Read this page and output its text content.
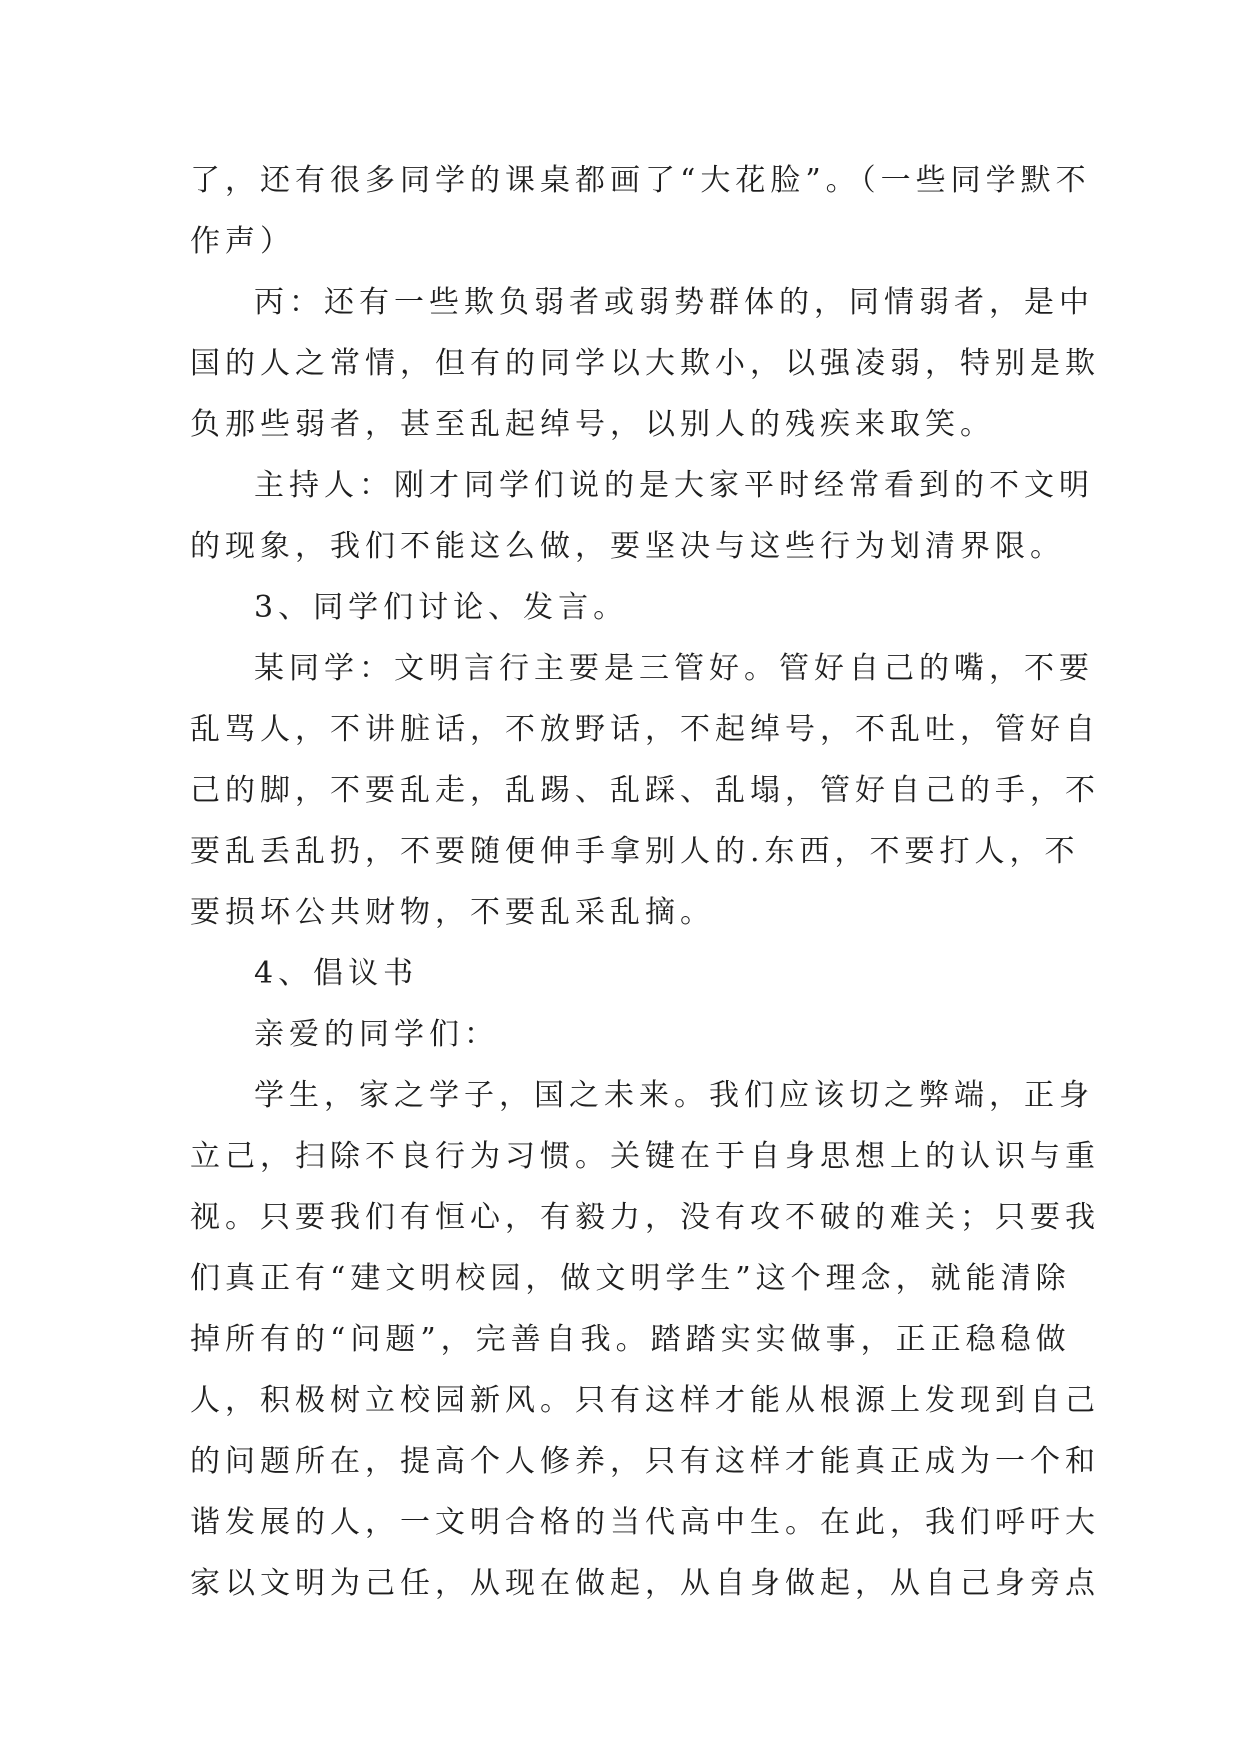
了，还有很多同学的课桌都画了“大花脸”。（一些同学默不
作声）
丙：还有一些欺负弱者或弱势群体的，同情弱者，是中
国的人之常情，但有的同学以大欺小，以强凌弱，特别是欺
负那些弱者，甚至乱起绰号，以别人的残疾来取笑。
主持人：刚才同学们说的是大家平时经常看到的不文明
的现象，我们不能这么做，要坚决与这些行为划清界限。
3、同学们讨论、发言。
某同学：文明言行主要是三管好。管好自己的嘴，不要
乱骂人，不讲脏话，不放野话，不起绰号，不乱吐，管好自
己的脚，不要乱走，乱踢、乱踩、乱塌，管好自己的手，不
要乱丢乱扔，不要随便伸手拿别人的.东西，不要打人，不
要损坏公共财物，不要乱采乱摘。
4、倡议书
亲爱的同学们：
学生，家之学子，国之未来。我们应该切之弊端，正身
立己，扫除不良行为习惯。关键在于自身思想上的认识与重
视。只要我们有恒心，有毅力，没有攻不破的难关；只要我
们真正有“建文明校园，做文明学生”这个理念，就能清除
掉所有的“问题”，完善自我。踏踏实实做事，正正稳稳做
人，积极树立校园新风。只有这样才能从根源上发现到自己
的问题所在，提高个人修养，只有这样才能真正成为一个和
谐发展的人，一文明合格的当代高中生。在此，我们呼吁大
家以文明为己任，从现在做起，从自身做起，从自己身旁点
